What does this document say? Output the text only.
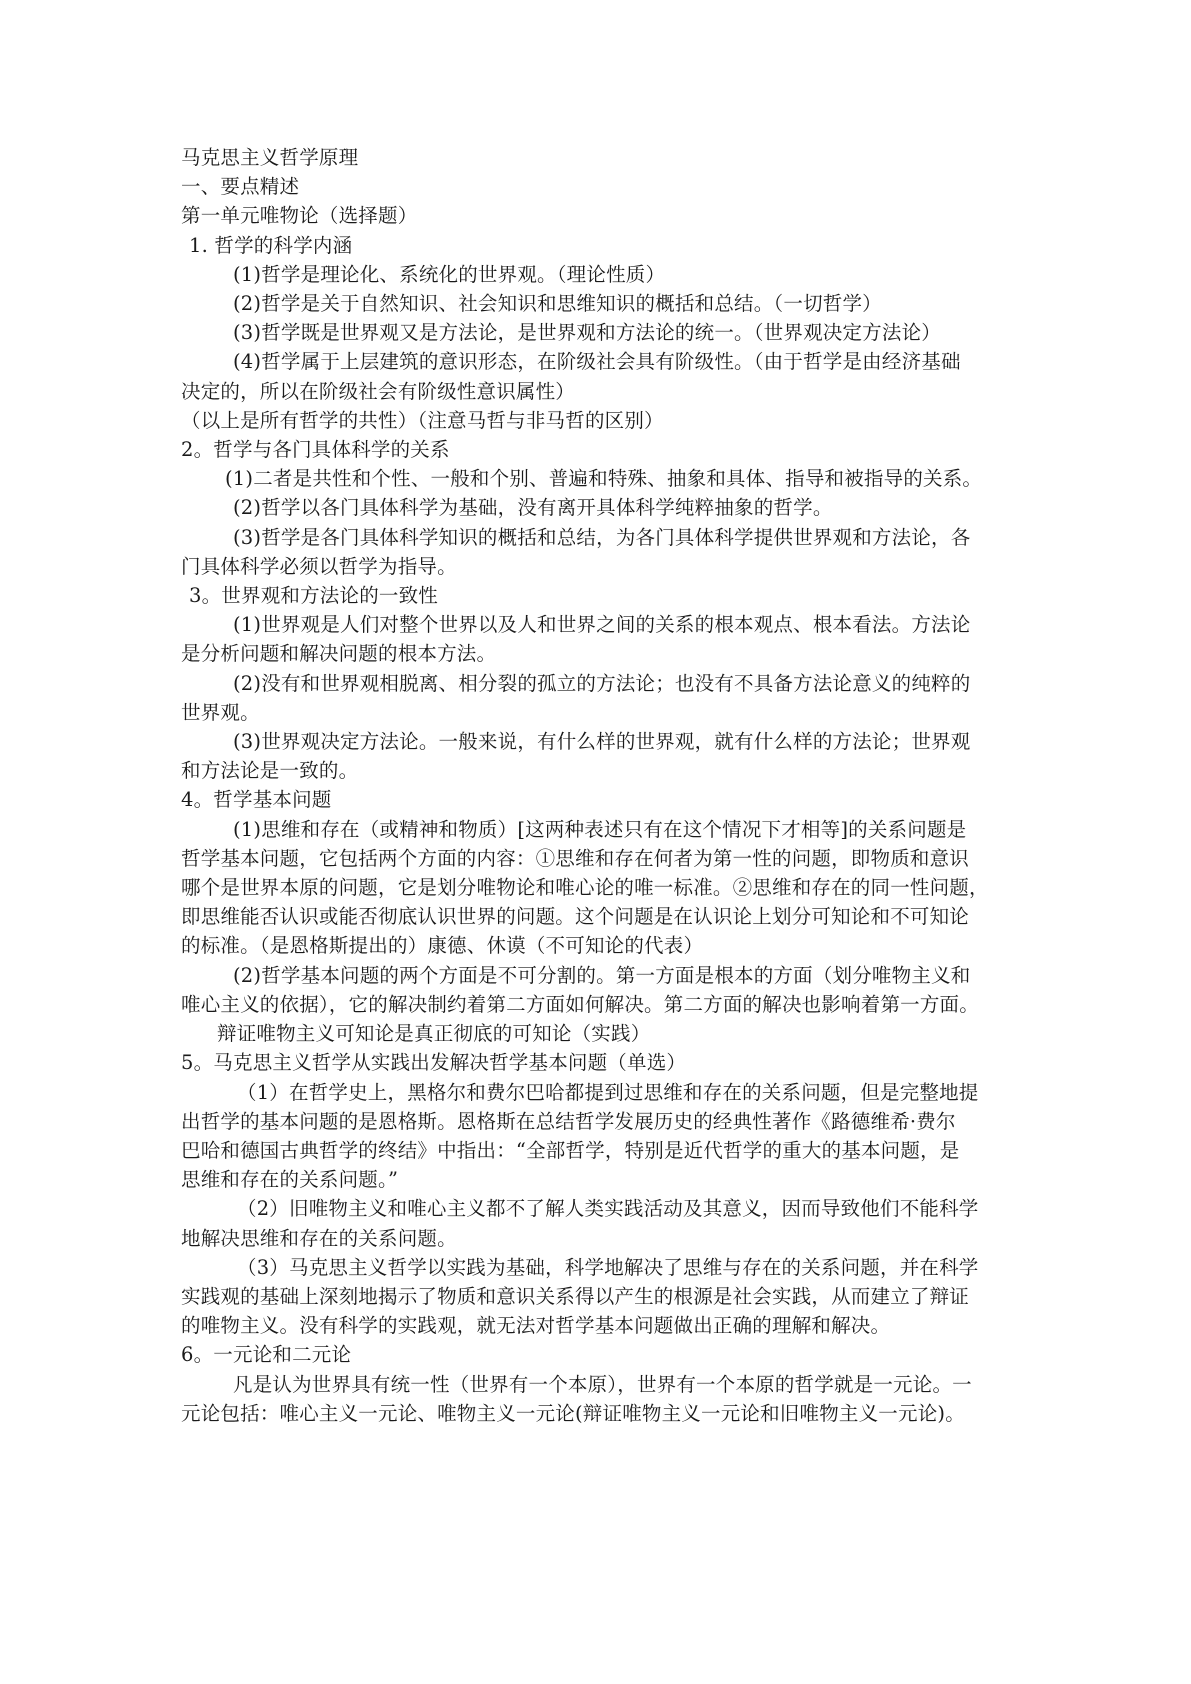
马克思主义哲学原理
一、要点精述
第一单元唯物论（选择题）
1. 哲学的科学内涵
(1)哲学是理论化、系统化的世界观。（理论性质）
(2)哲学是关于自然知识、社会知识和思维知识的概括和总结。（一切哲学）
(3)哲学既是世界观又是方法论，是世界观和方法论的统一。（世界观决定方法论）
(4)哲学属于上层建筑的意识形态，在阶级社会具有阶级性。（由于哲学是由经济基础
决定的，所以在阶级社会有阶级性意识属性）
（以上是所有哲学的共性）（注意马哲与非马哲的区别）
2。哲学与各门具体科学的关系
(1)二者是共性和个性、一般和个别、普遍和特殊、抽象和具体、指导和被指导的关系。
(2)哲学以各门具体科学为基础，没有离开具体科学纯粹抽象的哲学。
(3)哲学是各门具体科学知识的概括和总结，为各门具体科学提供世界观和方法论，各
门具体科学必须以哲学为指导。
3。世界观和方法论的一致性
(1)世界观是人们对整个世界以及人和世界之间的关系的根本观点、根本看法。方法论
是分析问题和解决问题的根本方法。
(2)没有和世界观相脱离、相分裂的孤立的方法论；也没有不具备方法论意义的纯粹的
世界观。
(3)世界观决定方法论。一般来说，有什么样的世界观，就有什么样的方法论；世界观
和方法论是一致的。
4。哲学基本问题
(1)思维和存在（或精神和物质）[这两种表述只有在这个情况下才相等]的关系问题是
哲学基本问题，它包括两个方面的内容：①思维和存在何者为第一性的问题，即物质和意识
哪个是世界本原的问题，它是划分唯物论和唯心论的唯一标准。②思维和存在的同一性问题，
即思维能否认识或能否彻底认识世界的问题。这个问题是在认识论上划分可知论和不可知论
的标准。（是恩格斯提出的）康德、休谟（不可知论的代表）
(2)哲学基本问题的两个方面是不可分割的。第一方面是根本的方面（划分唯物主义和
唯心主义的依据），它的解决制约着第二方面如何解决。第二方面的解决也影响着第一方面。
辩证唯物主义可知论是真正彻底的可知论（实践）
5。马克思主义哲学从实践出发解决哲学基本问题（单选）
（1）在哲学史上，黑格尔和费尔巴哈都提到过思维和存在的关系问题，但是完整地提
出哲学的基本问题的是恩格斯。恩格斯在总结哲学发展历史的经典性著作《路德维希·费尔
巴哈和德国古典哲学的终结》中指出：“全部哲学，特别是近代哲学的重大的基本问题，是
思维和存在的关系问题。”
（2）旧唯物主义和唯心主义都不了解人类实践活动及其意义，因而导致他们不能科学
地解决思维和存在的关系问题。
（3）马克思主义哲学以实践为基础，科学地解决了思维与存在的关系问题，并在科学
实践观的基础上深刻地揭示了物质和意识关系得以产生的根源是社会实践，从而建立了辩证
的唯物主义。没有科学的实践观，就无法对哲学基本问题做出正确的理解和解决。
6。一元论和二元论
凡是认为世界具有统一性（世界有一个本原），世界有一个本原的哲学就是一元论。一
元论包括：唯心主义一元论、唯物主义一元论(辩证唯物主义一元论和旧唯物主义一元论)。
